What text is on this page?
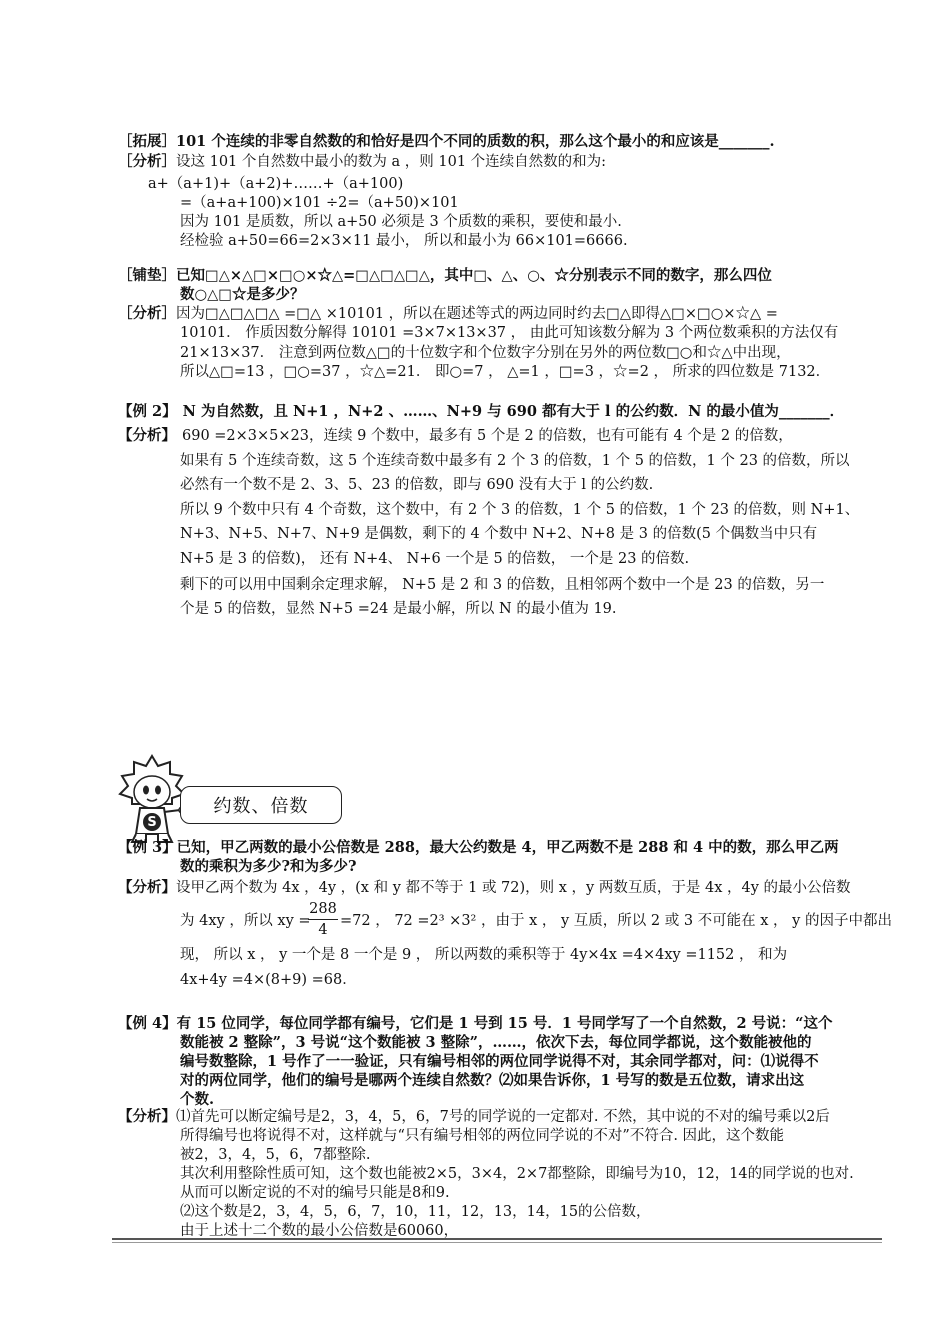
［拓展］101 个连续的非零自然数的和恰好是四个不同的质数的积，那么这个最小的和应该是_______.
［分析］设这 101 个自然数中最小的数为 a ，则 101 个连续自然数的和为:
a+（a+1)+（a+2)+……+（a+100)
=（a+a+100)×101 ÷2=（a+50)×101
因为 101 是质数，所以 a+50 必须是 3 个质数的乘积，要使和最小.
经检验 a+50=66=2×3×11 最小， 所以和最小为 66×101=6666.
［铺垫］已知□△×△□×□○×☆△=□△□△□△，其中□、△、○、☆分别表示不同的数字，那么四位
数○△□☆是多少？
［分析］因为□△□△□△ =□△ ×10101 ，所以在题述等式的两边同时约去□△即得△□×□○×☆△ =
10101． 作质因数分解得 10101 =3×7×13×37 ， 由此可知该数分解为 3 个两位数乘积的方法仅有
21×13×37． 注意到两位数△□的十位数字和个位数字分别在另外的两位数□○和☆△中出现，
所以△□=13 ，□○=37 ，☆△=21． 即○=7 ， △=1 ，□=3 ，☆=2 ， 所求的四位数是 7132．
【例 2】 N 为自然数，且 N+1 ，N+2 、……、N+9 与 690 都有大于 l 的公约数．N 的最小值为_______．
【分析】 690 =2×3×5×23，连续 9 个数中，最多有 5 个是 2 的倍数，也有可能有 4 个是 2 的倍数，
如果有 5 个连续奇数，这 5 个连续奇数中最多有 2 个 3 的倍数，1 个 5 的倍数，1 个 23 的倍数，所以
必然有一个数不是 2、3、5、23 的倍数，即与 690 没有大于 l 的公约数.
所以 9 个数中只有 4 个奇数，这个数中，有 2 个 3 的倍数，1 个 5 的倍数，1 个 23 的倍数，则 N+1、
N+3、N+5、N+7、N+9 是偶数，剩下的 4 个数中 N+2、N+8 是 3 的倍数(5 个偶数当中只有
N+5 是 3 的倍数)， 还有 N+4、 N+6 一个是 5 的倍数， 一个是 23 的倍数.
剩下的可以用中国剩余定理求解， N+5 是 2 和 3 的倍数，且相邻两个数中一个是 23 的倍数，另一
个是 5 的倍数，显然 N+5 =24 是最小解，所以 N 的最小值为 19.
S
约数、倍数
【例 3】已知，甲乙两数的最小公倍数是 288，最大公约数是 4，甲乙两数不是 288 和 4 中的数，那么甲乙两
数的乘积为多少?和为多少?
【分析】设甲乙两个数为 4x ，4y ，(x 和 y 都不等于 1 或 72)，则 x ，y 两数互质，于是 4x ，4y 的最小公倍数
为 4xy ，所以 xy =
288
4
=72 ， 72 =2³ ×3² ，由于 x ， y 互质，所以 2 或 3 不可能在 x ， y 的因子中都出
现， 所以 x ， y 一个是 8 一个是 9 ， 所以两数的乘积等于 4y×4x =4×4xy =1152 ， 和为
4x+4y =4×(8+9) =68．
【例 4】有 15 位同学，每位同学都有编号，它们是 1 号到 15 号．1 号同学写了一个自然数，2 号说：“这个
数能被 2 整除”，3 号说“这个数能被 3 整除”，……，依次下去，每位同学都说，这个数能被他的
编号数整除，1 号作了一一验证，只有编号相邻的两位同学说得不对，其余同学都对，问：⑴说得不
对的两位同学，他们的编号是哪两个连续自然数？⑵如果告诉你，1 号写的数是五位数，请求出这
个数.
【分析】⑴首先可以断定编号是2，3，4，5，6，7号的同学说的一定都对. 不然，其中说的不对的编号乘以2后
所得编号也将说得不对，这样就与“只有编号相邻的两位同学说的不对”不符合. 因此，这个数能
被2，3，4，5，6，7都整除.
其次利用整除性质可知，这个数也能被2×5，3×4，2×7都整除，即编号为10，12，14的同学说的也对.
从而可以断定说的不对的编号只能是8和9.
⑵这个数是2，3，4，5，6，7，10，11，12，13，14，15的公倍数，
由于上述十二个数的最小公倍数是60060，
